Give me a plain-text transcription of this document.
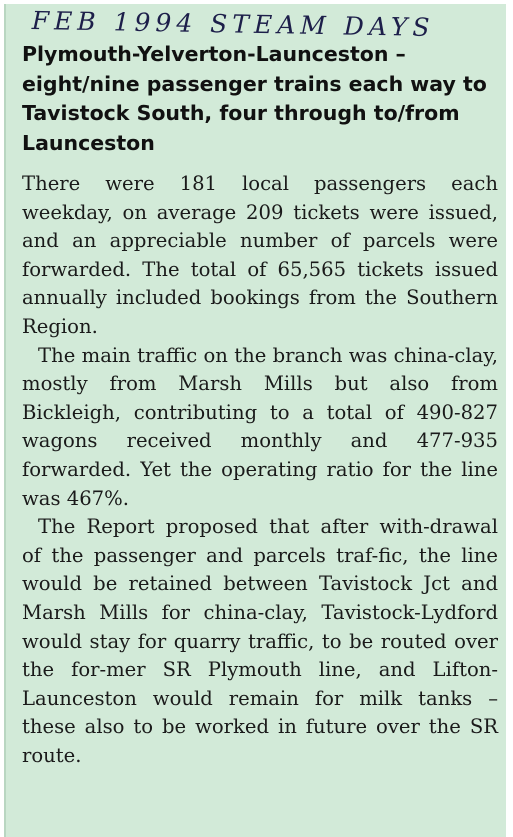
FEB 1994 STEAM DAYS
Plymouth-Yelverton-Launceston – eight/nine passenger trains each way to Tavistock South, four through to/from Launceston

There were 181 local passengers each weekday, on average 209 tickets were issued, and an appreciable number of parcels were forwarded. The total of 65,565 tickets issued annually included bookings from the Southern Region.

The main traffic on the branch was china-clay, mostly from Marsh Mills but also from Bickleigh, contributing to a total of 490-827 wagons received monthly and 477-935 forwarded. Yet the operating ratio for the line was 467%.

The Report proposed that after with-drawal of the passenger and parcels traf-fic, the line would be retained between Tavistock Jct and Marsh Mills for china-clay, Tavistock-Lydford would stay for quarry traffic, to be routed over the for-mer SR Plymouth line, and Lifton-Launceston would remain for milk tanks – these also to be worked in future over the SR route.
